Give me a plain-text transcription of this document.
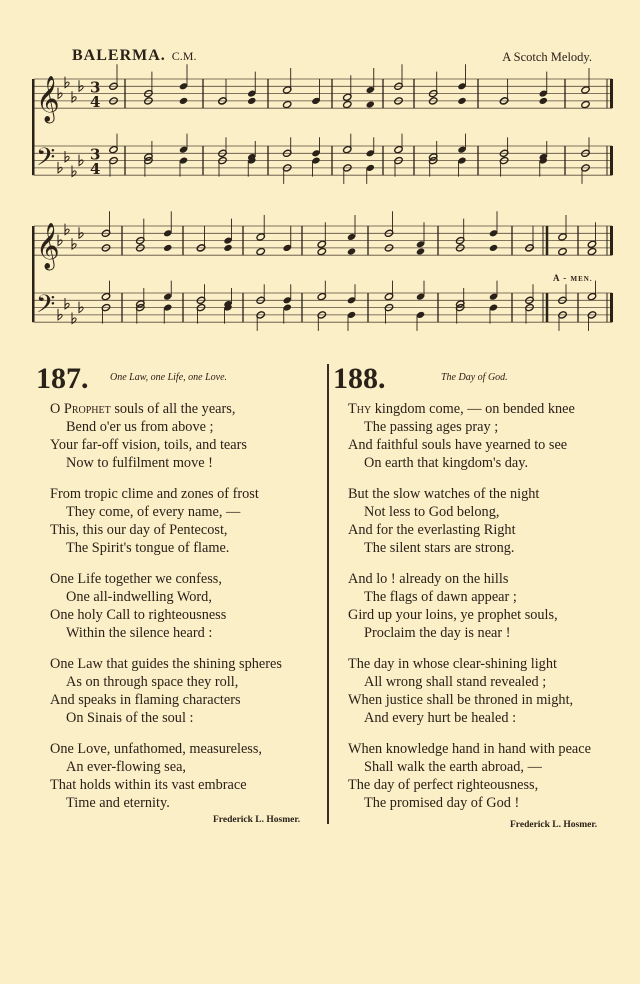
BALERMA. C.M.	A Scotch Melody.
𝄞
𝄢
3
3
4
4
𝄞
𝄢
A - MEN.
187. One Law, one Life, one Love.
O Prophet souls of all the years,
Bend o'er us from above ;
Your far-off vision, toils, and tears
Now to fulfilment move !
From tropic clime and zones of frost
They come, of every name, —
This, this our day of Pentecost,
The Spirit's tongue of flame.
One Life together we confess,
One all-indwelling Word,
One holy Call to righteousness
Within the silence heard :
One Law that guides the shining spheres
As on through space they roll,
And speaks in flaming characters
On Sinais of the soul :
One Love, unfathomed, measureless,
An ever-flowing sea,
That holds within its vast embrace
Time and eternity.
Frederick L. Hosmer.
188.	The Day of God.
Thy kingdom come, — on bended knee
The passing ages pray ;
And faithful souls have yearned to see
On earth that kingdom's day.
But the slow watches of the night
Not less to God belong,
And for the everlasting Right
The silent stars are strong.
And lo ! already on the hills
The flags of dawn appear ;
Gird up your loins, ye prophet souls,
Proclaim the day is near !
The day in whose clear-shining light
All wrong shall stand revealed ;
When justice shall be throned in might,
And every hurt be healed :
When knowledge hand in hand with peace
Shall walk the earth abroad, —
The day of perfect righteousness,
The promised day of God !
Frederick L. Hosmer.
